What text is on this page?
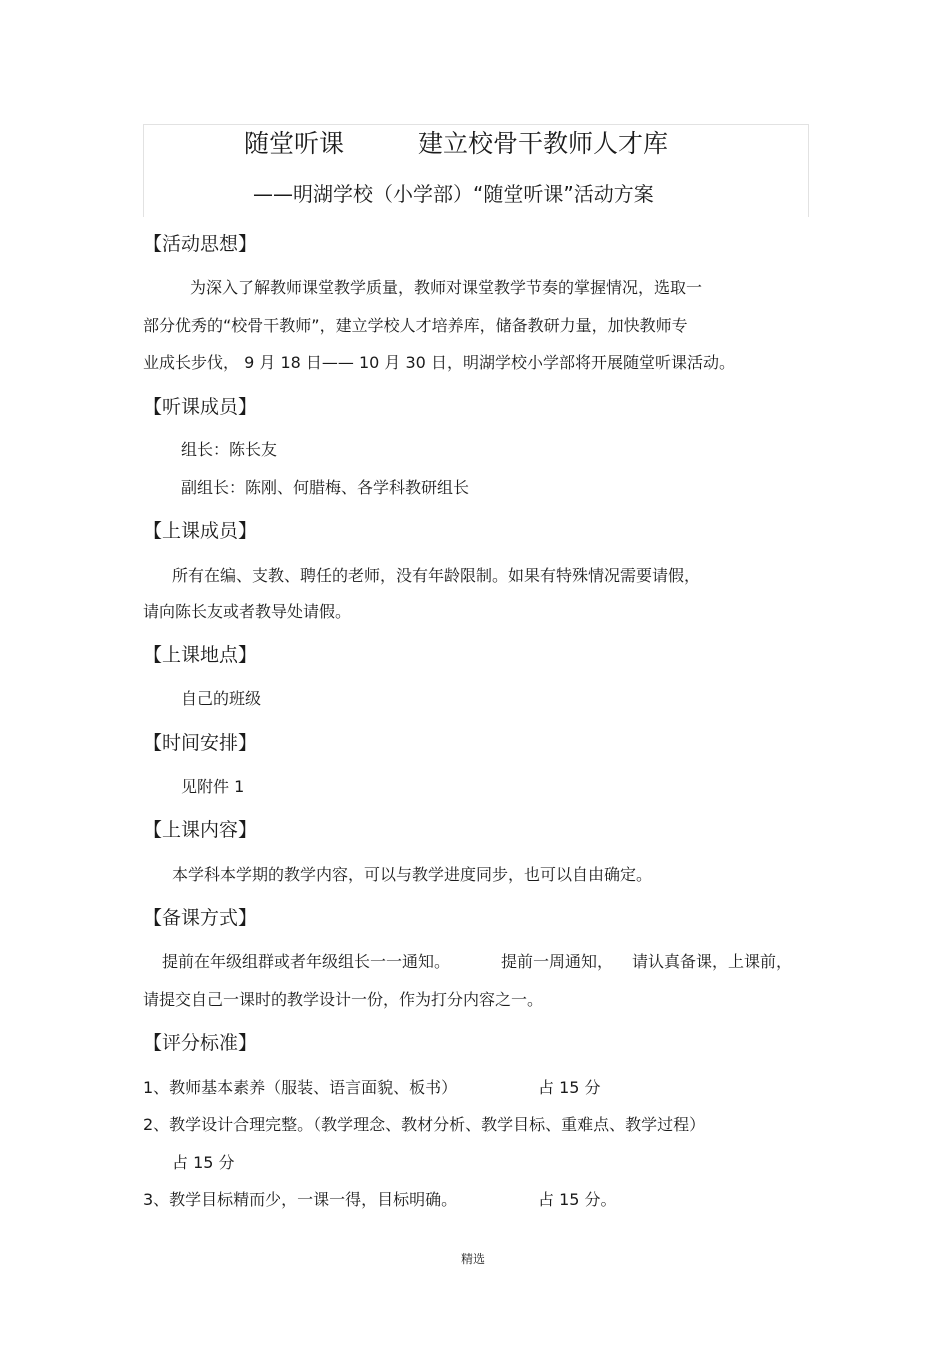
随堂听课	建立校骨干教师人才库
——明湖学校（小学部）“随堂听课”活动方案
【活动思想】
为深入了解教师课堂教学质量，教师对课堂教学节奏的掌握情况，选取一
部分优秀的“校骨干教师”，建立学校人才培养库，储备教研力量，加快教师专
业成长步伐， 9 月 18 日—— 10 月 30 日，明湖学校小学部将开展随堂听课活动。
【听课成员】
组长：陈长友
副组长：陈刚、何腊梅、各学科教研组长
【上课成员】
所有在编、支教、聘任的老师，没有年龄限制。如果有特殊情况需要请假，
请向陈长友或者教导处请假。
【上课地点】
自己的班级
【时间安排】
见附件 1
【上课内容】
本学科本学期的教学内容，可以与教学进度同步，也可以自由确定。
【备课方式】
提前在年级组群或者年级组长一一通知。	提前一周通知， 请认真备课，上课前，
请提交自己一课时的教学设计一份，作为打分内容之一。
【评分标准】
1、教师基本素养（服装、语言面貌、板书）	占 15 分
2、教学设计合理完整。（教学理念、教材分析、教学目标、重难点、教学过程）
占 15 分
3、教学目标精而少，一课一得，目标明确。	占 15 分。
精选
